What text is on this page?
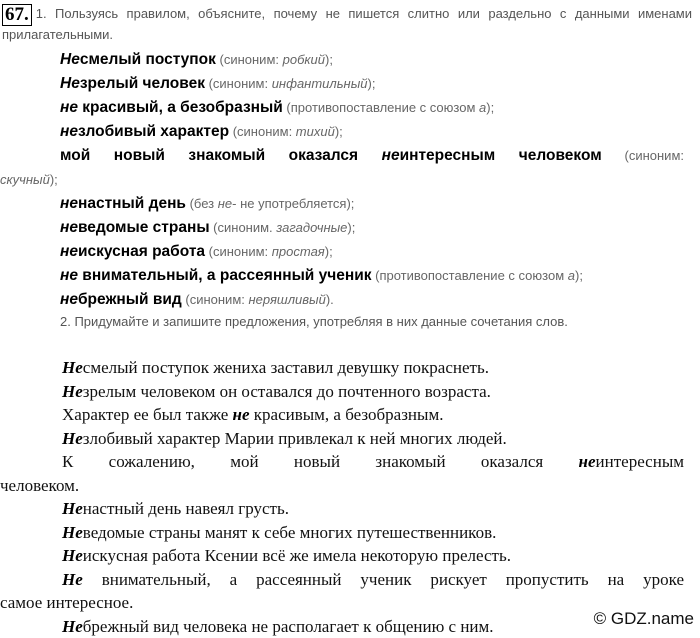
67. 1. Пользуясь правилом, объясните, почему не пишется слитно или раздельно с данными именами прилагательными.
Несмелый поступок (синоним: робкий);
Незрелый человек (синоним: инфантильный);
не красивый, а безобразный (противопоставление с союзом а);
незлобивый характер (синоним: тихий);
мой новый знакомый оказался неинтересным человеком (синоним:
скучный);
ненастный день (без не- не употребляется);
неведомые страны (синоним. загадочные);
неискусная работа (синоним: простая);
не внимательный, а рассеянный ученик (противопоставление с союзом а);
небрежный вид (синоним: неряшливый).
2. Придумайте и запишите предложения, употребляя в них данные сочетания слов.
Несмелый поступок жениха заставил девушку покраснеть.
Незрелым человеком он оставался до почтенного возраста.
Характер ее был также не красивым, а безобразным.
Незлобивый характер Марии привлекал к ней многих людей.
К сожалению, мой новый знакомый оказался неинтересным
человеком.
Ненастный день навеял грусть.
Неведомые страны манят к себе многих путешественников.
Неискусная работа Ксении всё же имела некоторую прелесть.
Не внимательный, а рассеянный ученик рискует пропустить на уроке
самое интересное.
Небрежный вид человека не располагает к общению с ним.	© GDZ.name
